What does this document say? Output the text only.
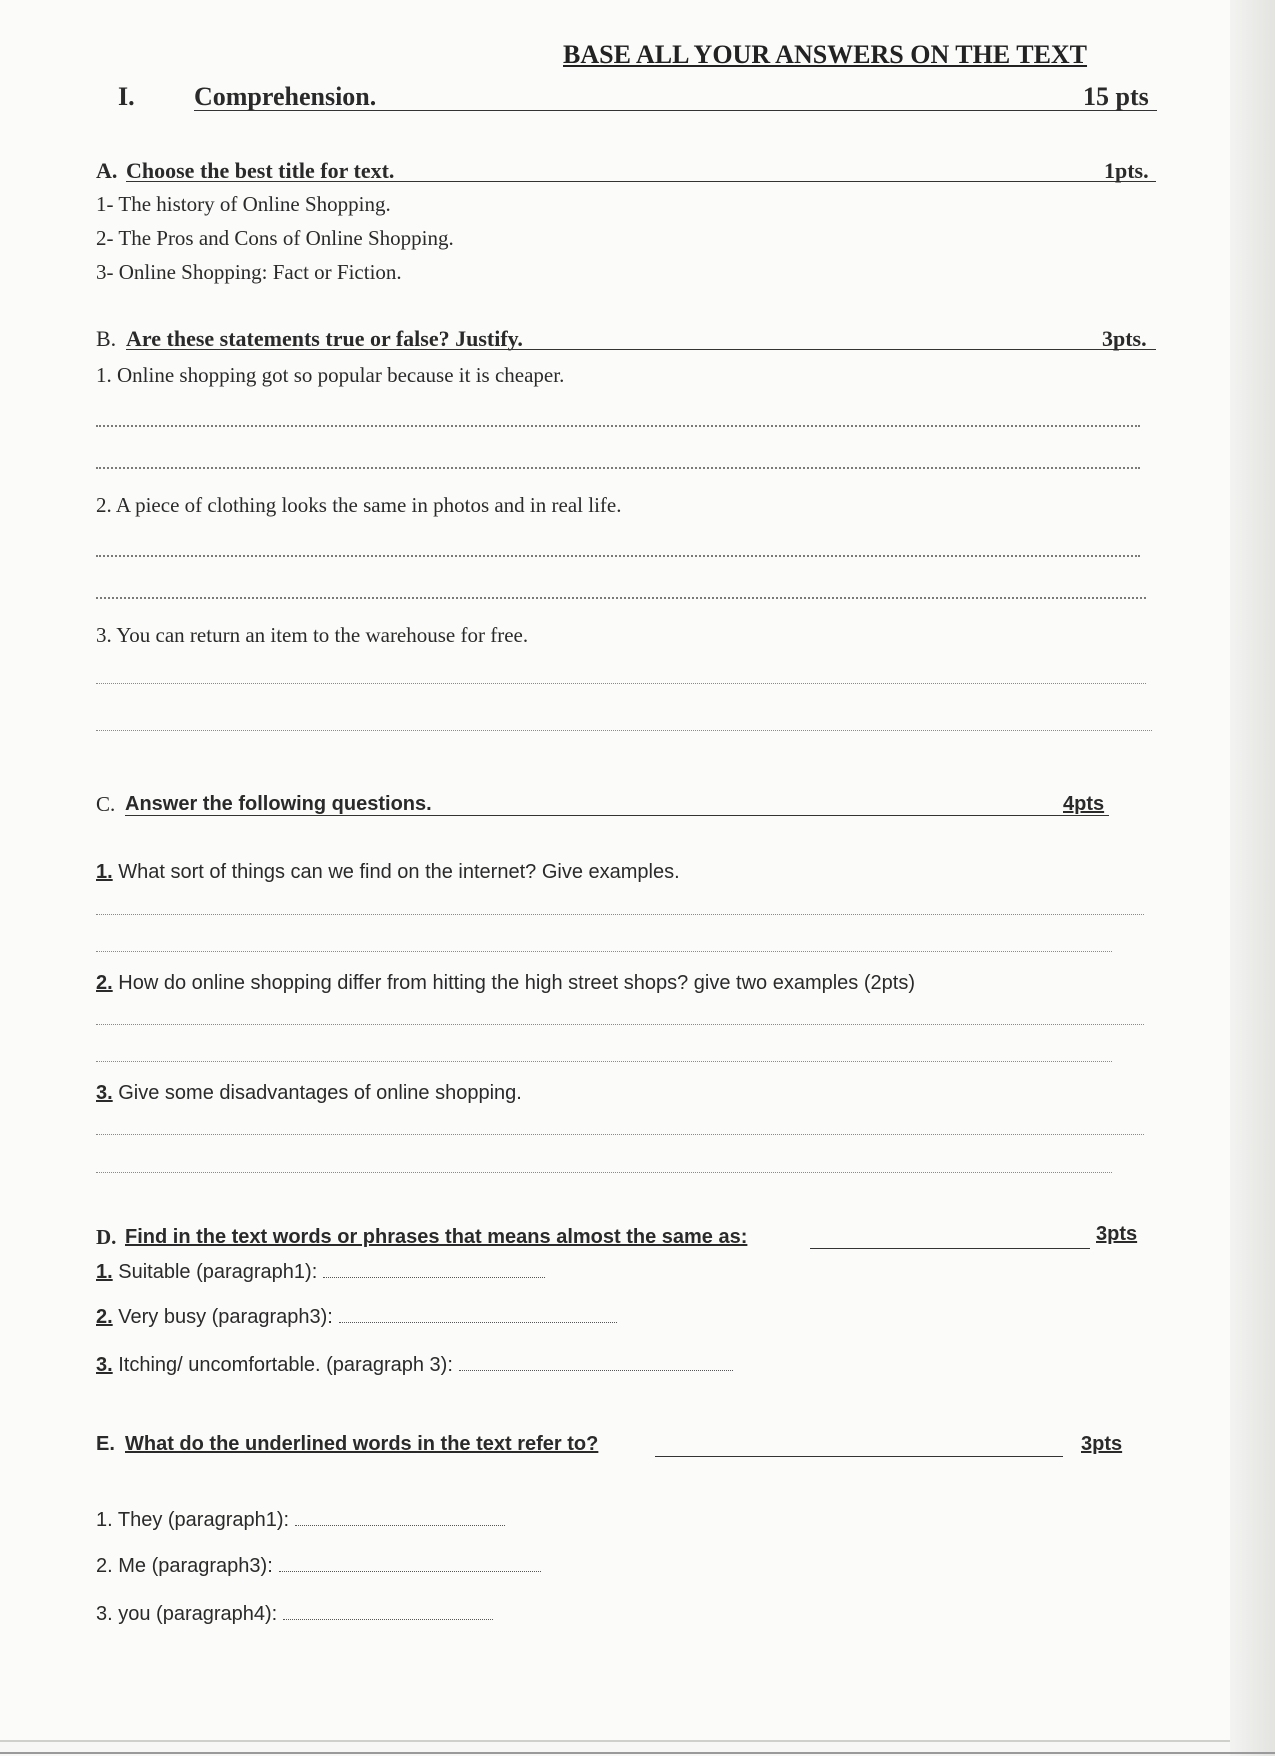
BASE ALL YOUR ANSWERS ON THE TEXT
I. Comprehension.	15 pts
A. Choose the best title for text.	1pts.
1- The history of Online Shopping.
2- The Pros and Cons of Online Shopping.
3- Online Shopping: Fact or Fiction.
B. Are these statements true or false? Justify.	3pts.
1. Online shopping got so popular because it is cheaper.
2. A piece of clothing looks the same in photos and in real life.
3. You can return an item to the warehouse for free.
C. Answer the following questions.	4pts
1. What sort of things can we find on the internet? Give examples.
2. How do online shopping differ from hitting the high street shops? give two examples (2pts)
3. Give some disadvantages of online shopping.
D. Find in the text words or phrases that means almost the same as:	3pts
1. Suitable (paragraph1):
2. Very busy (paragraph3):
3. Itching/ uncomfortable. (paragraph 3):
E. What do the underlined words in the text refer to?	3pts
1. They (paragraph1):
2. Me (paragraph3):
3. you (paragraph4):
